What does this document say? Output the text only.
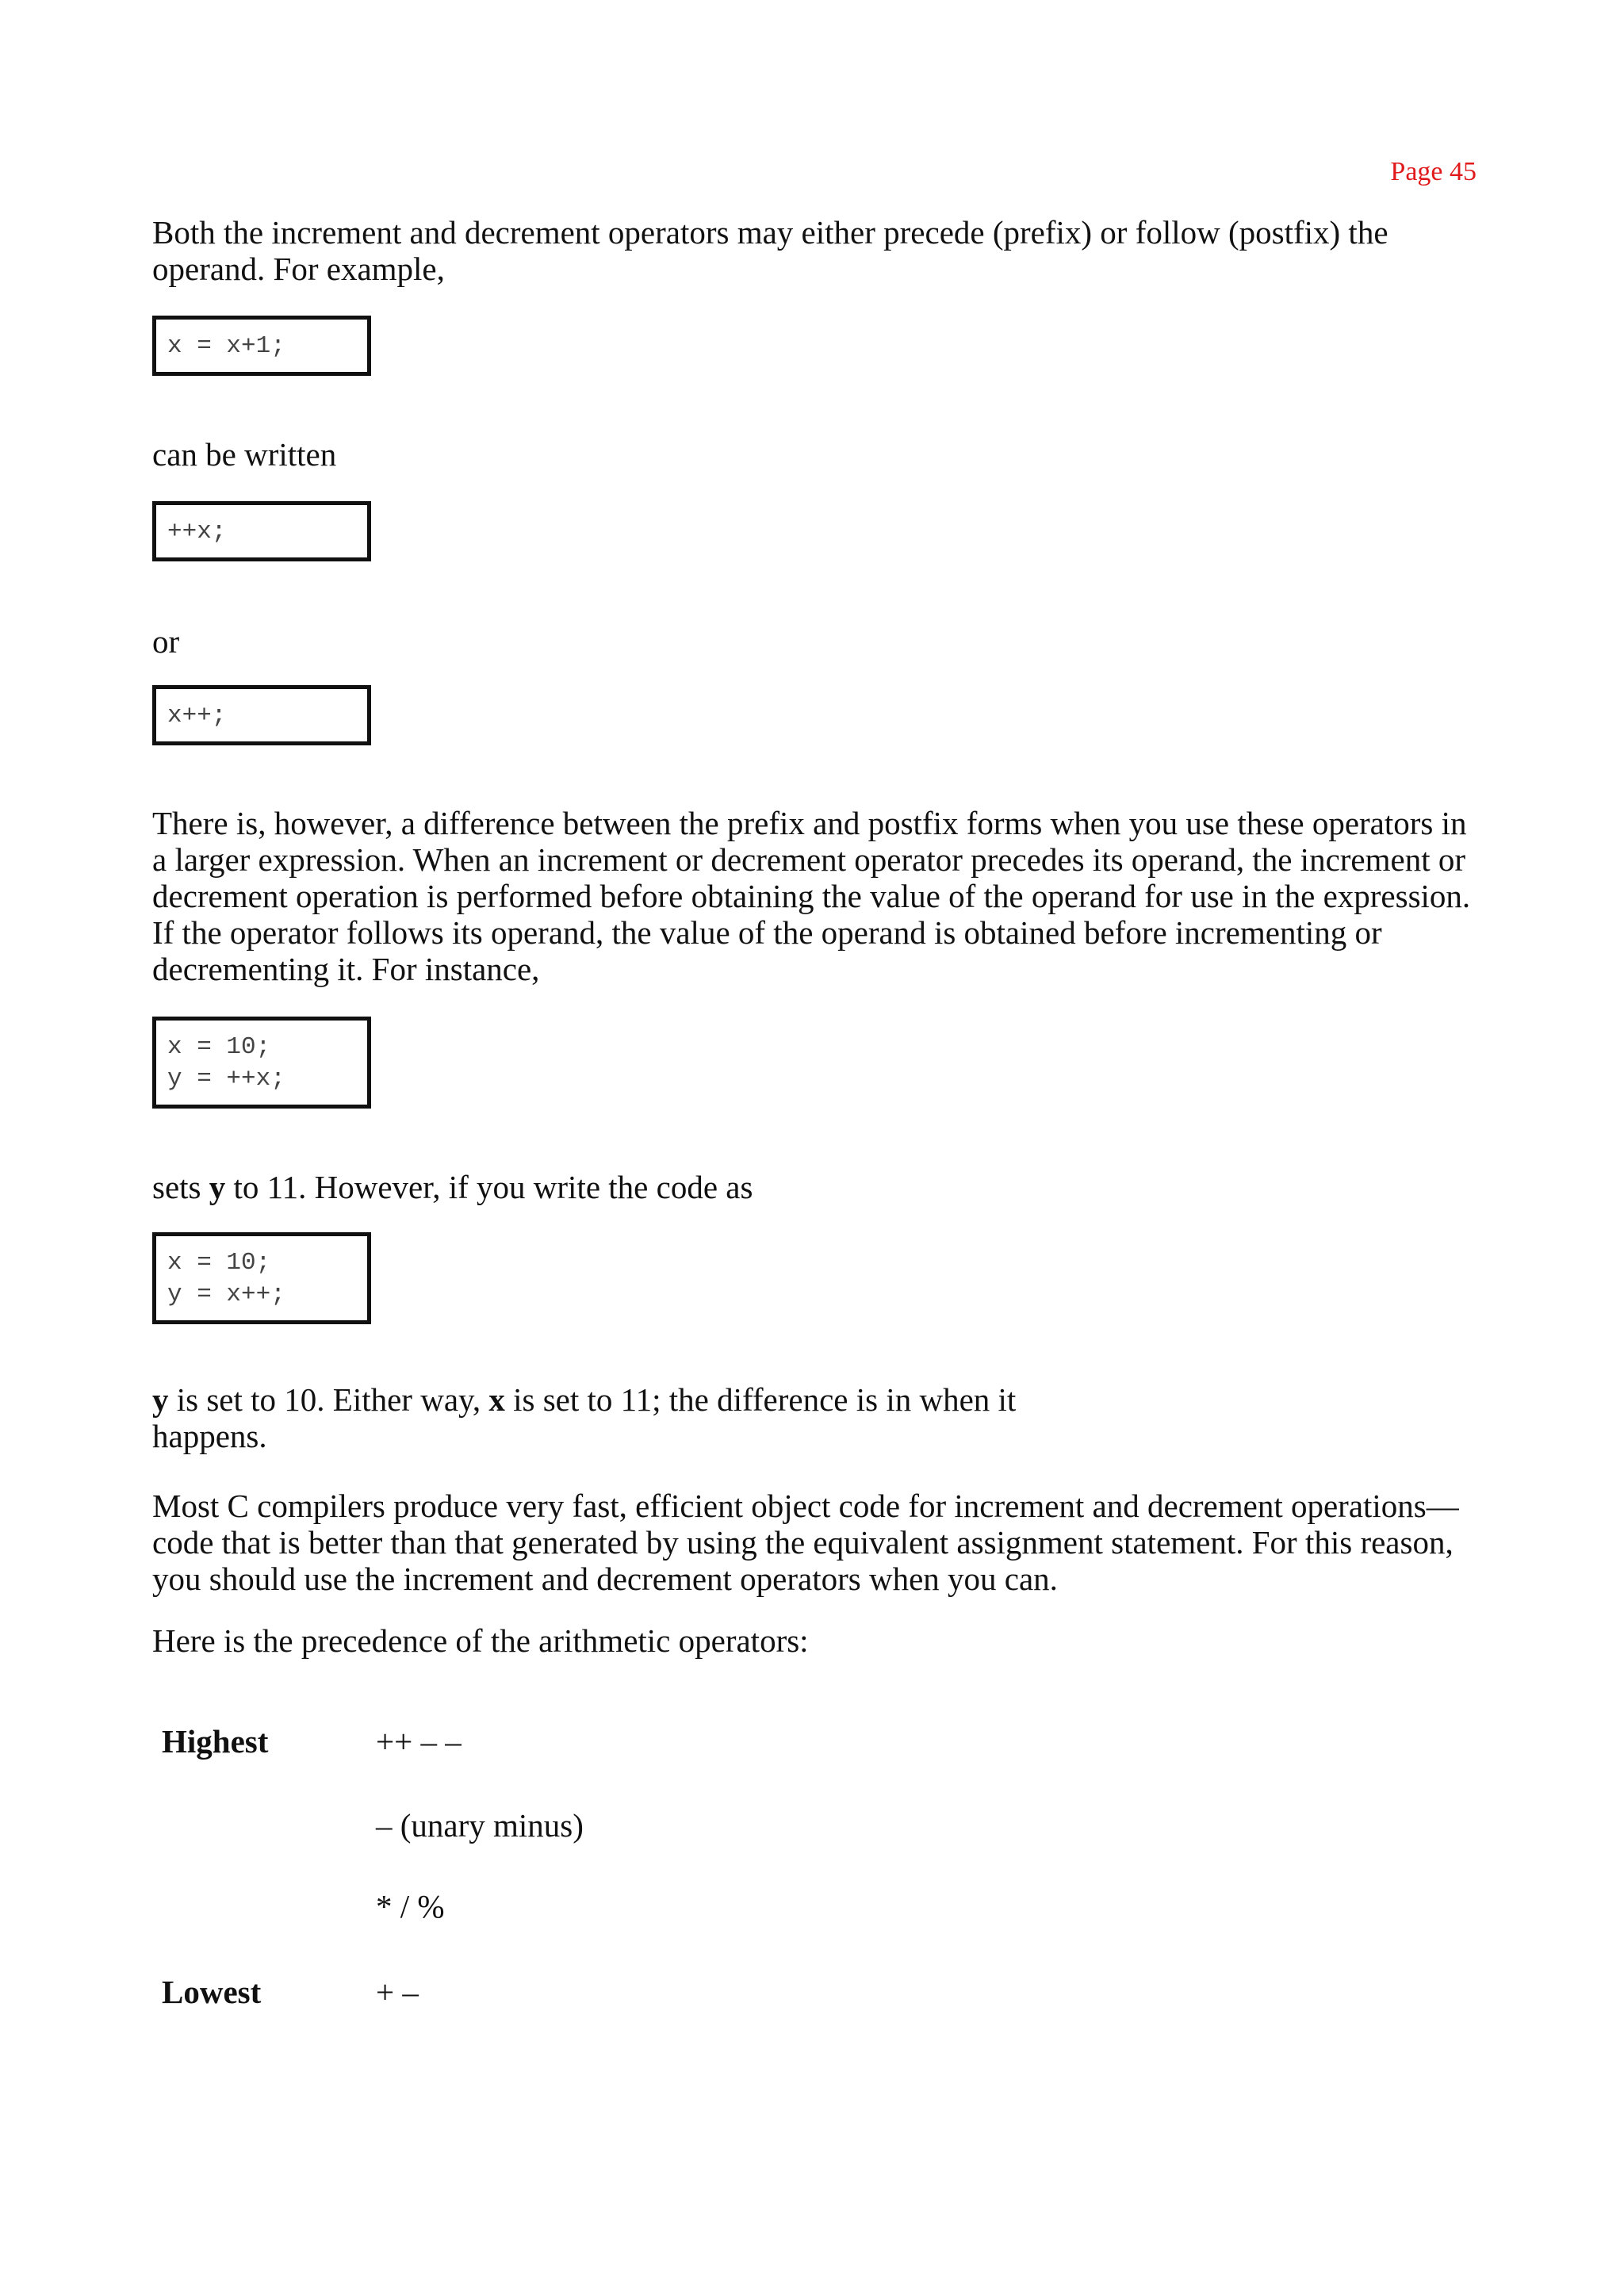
Page 45

Both the increment and decrement operators may either precede (prefix) or follow (postfix) the operand. For example,

x = x+1;

can be written

++x;

or

x++;

There is, however, a difference between the prefix and postfix forms when you use these operators in a larger expression. When an increment or decrement operator precedes its operand, the increment or decrement operation is performed before obtaining the value of the operand for use in the expression. If the operator follows its operand, the value of the operand is obtained before incrementing or decrementing it. For instance,

x = 10;
y = ++x;

sets y to 11. However, if you write the code as

x = 10;
y = x++;

y is set to 10. Either way, x is set to 11; the difference is in when it
happens.

Most C compilers produce very fast, efficient object code for increment and decrement operations—code that is better than that generated by using the equivalent assignment statement. For this reason, you should use the increment and decrement operators when you can.

Here is the precedence of the arithmetic operators:

Highest	++ – –
– (unary minus)
* / %
Lowest	+ –
